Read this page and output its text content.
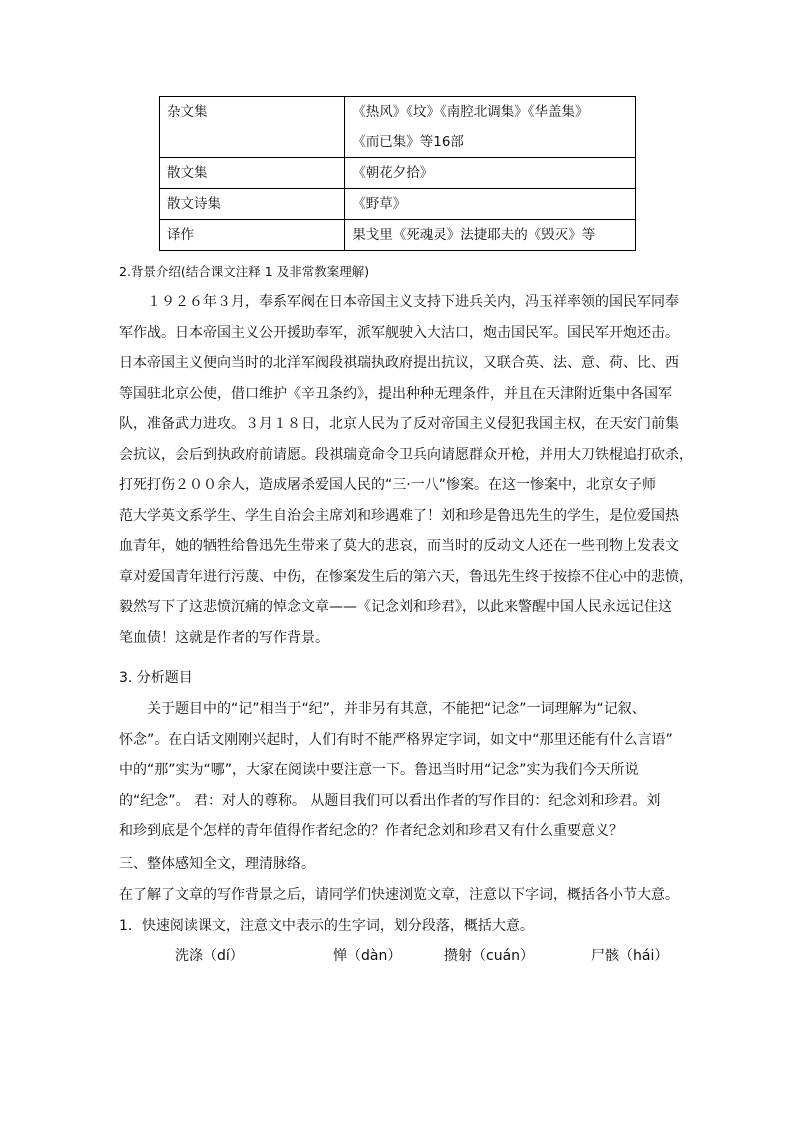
杂文集	《热风》《坟》《南腔北调集》《华盖集》
《而已集》等16部

散文集	《朝花夕拾》
散文诗集	《野草》
译作	果戈里《死魂灵》法捷耶夫的《毁灭》等
2.背景介绍(结合课文注释 1 及非常教案理解)
１９２６年３月，奉系军阀在日本帝国主义支持下进兵关内，冯玉祥率领的国民军同奉
军作战。日本帝国主义公开援助奉军，派军舰驶入大沽口，炮击国民军。国民军开炮还击。
日本帝国主义便向当时的北洋军阀段祺瑞执政府提出抗议，又联合英、法、意、荷、比、西
等国驻北京公使，借口维护《辛丑条约》，提出种种无理条件，并且在天津附近集中各国军
队，准备武力进攻。３月１８日，北京人民为了反对帝国主义侵犯我国主权，在天安门前集
会抗议，会后到执政府前请愿。段祺瑞竟命令卫兵向请愿群众开枪，并用大刀铁棍追打砍杀，
打死打伤２００余人，造成屠杀爱国人民的“三·一八”惨案。在这一惨案中，北京女子师
范大学英文系学生、学生自治会主席刘和珍遇难了！刘和珍是鲁迅先生的学生，是位爱国热
血青年，她的牺牲给鲁迅先生带来了莫大的悲哀，而当时的反动文人还在一些刊物上发表文
章对爱国青年进行污蔑、中伤，在惨案发生后的第六天，鲁迅先生终于按捺不住心中的悲愤，
毅然写下了这悲愤沉痛的悼念文章——《记念刘和珍君》，以此来警醒中国人民永远记住这
笔血债！这就是作者的写作背景。
3. 分析题目
关于题目中的“记”相当于“纪”，并非另有其意，不能把“记念”一词理解为“记叙、
怀念”。在白话文刚刚兴起时，人们有时不能严格界定字词，如文中“那里还能有什么言语”
中的“那”实为“哪”，大家在阅读中要注意一下。鲁迅当时用“记念”实为我们今天所说
的“纪念”。 君：对人的尊称。 从题目我们可以看出作者的写作目的：纪念刘和珍君。刘
和珍到底是个怎样的青年值得作者纪念的？作者纪念刘和珍君又有什么重要意义？
三、整体感知全文，理清脉络。
在了解了文章的写作背景之后，请同学们快速浏览文章，注意以下字词，概括各小节大意。
1．快速阅读课文，注意文中表示的生字词，划分段落，概括大意。
洗涤（dí）	惮（dàn）	攒射（cuán）	尸骸（hái）
